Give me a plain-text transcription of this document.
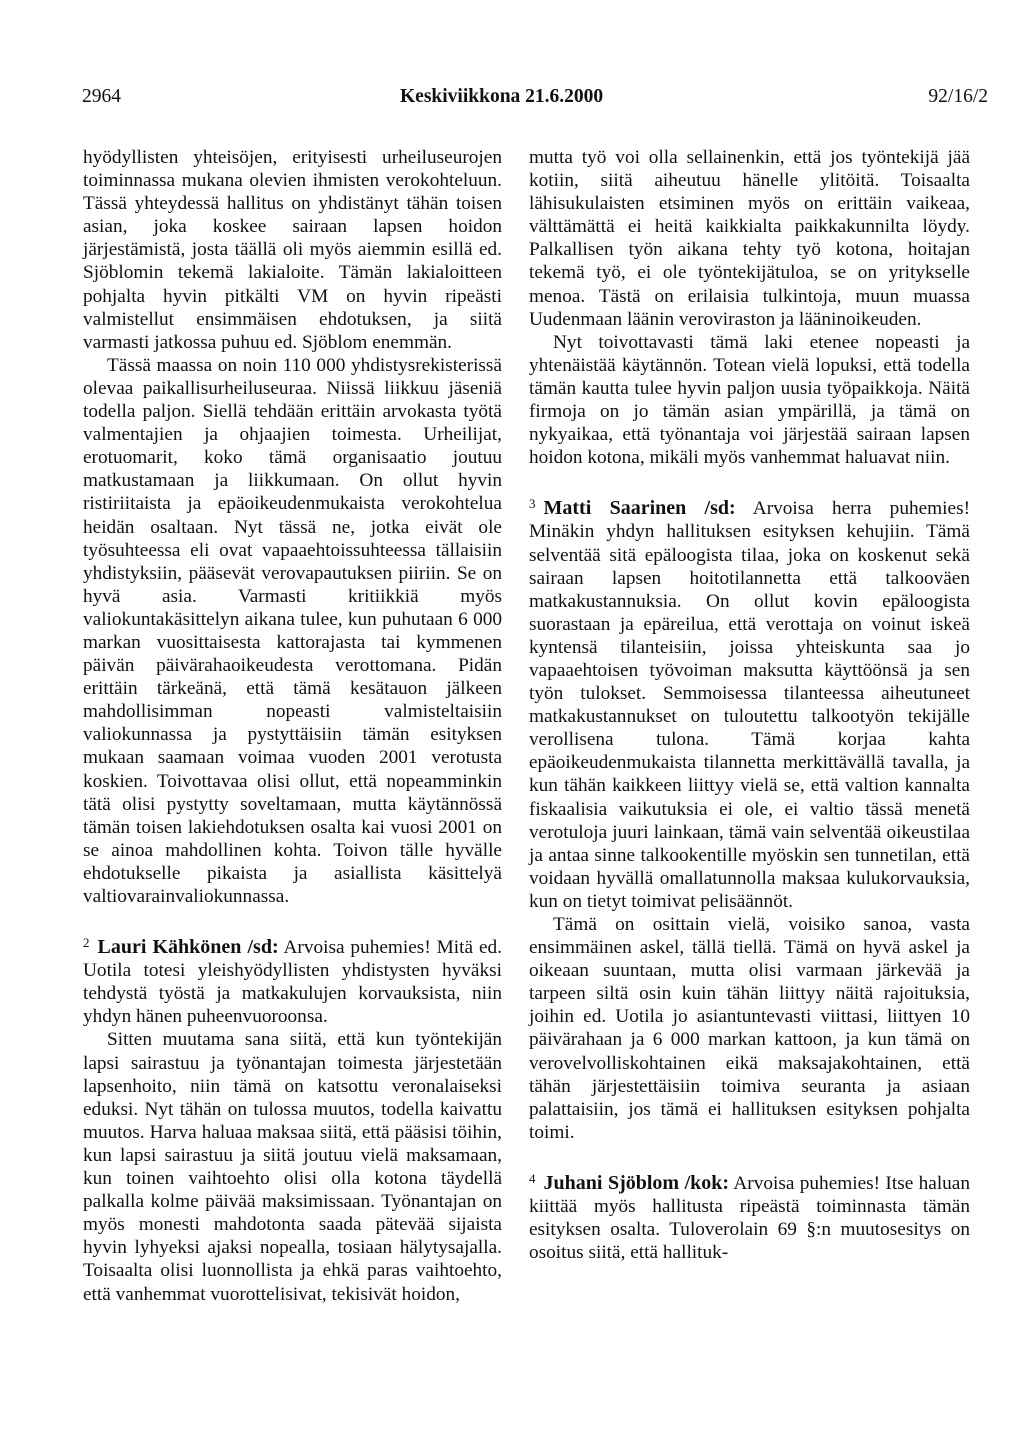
2964	Keskiviikkona 21.6.2000	92/16/2

hyödyllisten yhteisöjen, erityisesti urheiluseurojen toiminnassa mukana olevien ihmisten verokohteluun. Tässä yhteydessä hallitus on yhdistänyt tähän toisen asian, joka koskee sairaan lapsen hoidon järjestämistä, josta täällä oli myös aiemmin esillä ed. Sjöblomin tekemä lakialoite. Tämän lakialoitteen pohjalta hyvin pitkälti VM on hyvin ripeästi valmistellut ensimmäisen ehdotuksen, ja siitä varmasti jatkossa puhuu ed. Sjöblom enemmän.

Tässä maassa on noin 110 000 yhdistysrekisterissä olevaa paikallisurheiluseuraa. Niissä liikkuu jäseniä todella paljon. Siellä tehdään erittäin arvokasta työtä valmentajien ja ohjaajien toimesta. Urheilijat, erotuomarit, koko tämä organisaatio joutuu matkustamaan ja liikkumaan. On ollut hyvin ristiriitaista ja epäoikeudenmukaista verokohtelua heidän osaltaan. Nyt tässä ne, jotka eivät ole työsuhteessa eli ovat vapaaehtoissuhteessa tällaisiin yhdistyksiin, pääsevät verovapautuksen piiriin. Se on hyvä asia. Varmasti kritiikkiä myös valiokuntakäsittelyn aikana tulee, kun puhutaan 6 000 markan vuosittaisesta kattorajasta tai kymmenen päivän päivärahaoikeudesta verottomana. Pidän erittäin tärkeänä, että tämä kesätauon jälkeen mahdollisimman nopeasti valmisteltaisiin valiokunnassa ja pystyttäisiin tämän esityksen mukaan saamaan voimaa vuoden 2001 verotusta koskien. Toivottavaa olisi ollut, että nopeamminkin tätä olisi pystytty soveltamaan, mutta käytännössä tämän toisen lakiehdotuksen osalta kai vuosi 2001 on se ainoa mahdollinen kohta. Toivon tälle hyvälle ehdotukselle pikaista ja asiallista käsittelyä valtiovarainvaliokunnassa.

$^2$ Lauri Kähkönen /sd: Arvoisa puhemies! Mitä ed. Uotila totesi yleishyödyllisten yhdistysten hyväksi tehdystä työstä ja matkakulujen korvauksista, niin yhdyn hänen puheenvuoroonsa.

Sitten muutama sana siitä, että kun työntekijän lapsi sairastuu ja työnantajan toimesta järjestetään lapsenhoito, niin tämä on katsottu veronalaiseksi eduksi. Nyt tähän on tulossa muutos, todella kaivattu muutos. Harva haluaa maksaa siitä, että pääsisi töihin, kun lapsi sairastuu ja siitä joutuu vielä maksamaan, kun toinen vaihtoehto olisi olla kotona täydellä palkalla kolme päivää maksimissaan. Työnantajan on myös monesti mahdotonta saada pätevää sijaista hyvin lyhyeksi ajaksi nopealla, tosiaan hälytysajalla. Toisaalta olisi luonnollista ja ehkä paras vaihtoehto, että vanhemmat vuorottelisivat, tekisivät hoidon,

mutta työ voi olla sellainenkin, että jos työntekijä jää kotiin, siitä aiheutuu hänelle ylitöitä. Toisaalta lähisukulaisten etsiminen myös on erittäin vaikeaa, välttämättä ei heitä kaikkialta paikkakunnilta löydy. Palkallisen työn aikana tehty työ kotona, hoitajan tekemä työ, ei ole työntekijätuloa, se on yritykselle menoa. Tästä on erilaisia tulkintoja, muun muassa Uudenmaan läänin veroviraston ja lääninoikeuden.

Nyt toivottavasti tämä laki etenee nopeasti ja yhtenäistää käytännön. Totean vielä lopuksi, että todella tämän kautta tulee hyvin paljon uusia työpaikkoja. Näitä firmoja on jo tämän asian ympärillä, ja tämä on nykyaikaa, että työnantaja voi järjestää sairaan lapsen hoidon kotona, mikäli myös vanhemmat haluavat niin.

$^3$ Matti Saarinen /sd: Arvoisa herra puhemies! Minäkin yhdyn hallituksen esityksen kehujiin. Tämä selventää sitä epäloogista tilaa, joka on koskenut sekä sairaan lapsen hoitotilannetta että talkooväen matkakustannuksia. On ollut kovin epäloogista suorastaan ja epäreilua, että verottaja on voinut iskeä kyntensä tilanteisiin, joissa yhteiskunta saa jo vapaaehtoisen työvoiman maksutta käyttöönsä ja sen työn tulokset. Semmoisessa tilanteessa aiheutuneet matkakustannukset on tuloutettu talkootyön tekijälle verollisena tulona. Tämä korjaa kahta epäoikeudenmukaista tilannetta merkittävällä tavalla, ja kun tähän kaikkeen liittyy vielä se, että valtion kannalta fiskaalisia vaikutuksia ei ole, ei valtio tässä menetä verotuloja juuri lainkaan, tämä vain selventää oikeustilaa ja antaa sinne talkookentille myöskin sen tunnetilan, että voidaan hyvällä omallatunnolla maksaa kulukorvauksia, kun on tietyt toimivat pelisäännöt.

Tämä on osittain vielä, voisiko sanoa, vasta ensimmäinen askel, tällä tiellä. Tämä on hyvä askel ja oikeaan suuntaan, mutta olisi varmaan järkevää ja tarpeen siltä osin kuin tähän liittyy näitä rajoituksia, joihin ed. Uotila jo asiantuntevasti viittasi, liittyen 10 päivärahaan ja 6 000 markan kattoon, ja kun tämä on verovelvolliskohtainen eikä maksajakohtainen, että tähän järjestettäisiin toimiva seuranta ja asiaan palattaisiin, jos tämä ei hallituksen esityksen pohjalta toimi.

$^4$ Juhani Sjöblom /kok: Arvoisa puhemies! Itse haluan kiittää myös hallitusta ripeästä toiminnasta tämän esityksen osalta. Tuloverolain 69 §:n muutosesitys on osoitus siitä, että hallituk-
